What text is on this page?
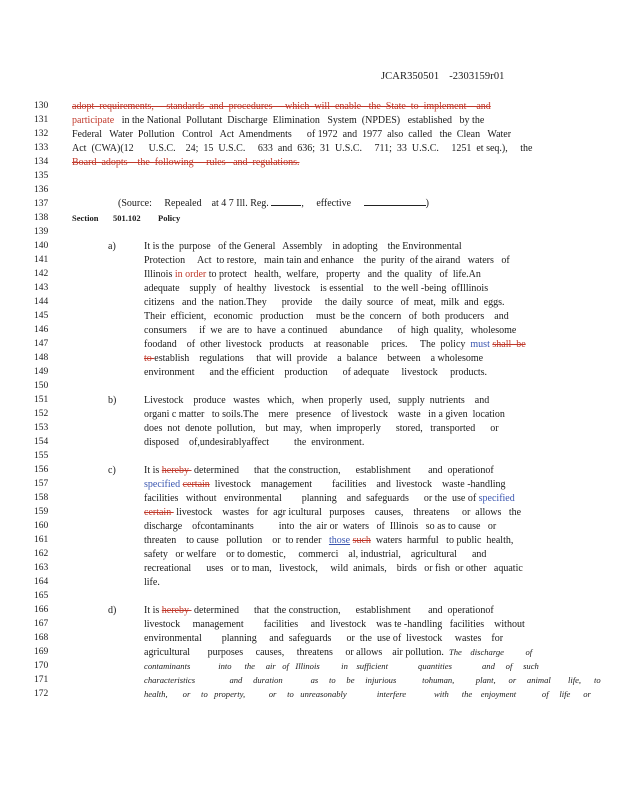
JCAR350501 -2303159r01
130
131
132
133
134
135
136
137
138
139
140
141
142
143
144
145
146
147
148
149
150
151
152
153
154
155
156
157
158
159
160
161
162
163
164
165
166
167
168
169
170
171
172
adopt  requirements,     standards  and  procedures     which  will  enable   the  State  to  implement    and
participate   in the National  Pollutant  Discharge  Elimination   System  (NPDES)   established   by the
Federal   Water  Pollution   Control   Act  Amendments      of 1972  and  1977  also  called   the  Clean   Water
Act  (CWA)(12      U.S.C.    24;  15  U.S.C.     633  and  636;  31  U.S.C.     711;  33  U.S.C.     1251  et seq.),     the
Board  adopts    the  following     rules   and  regulations.

(Source: Repealed at 4 7 Ill. Reg.	,     effective	)

Section 501.102 Policy
a)	It is the  purpose   of the General   Assembly    in adopting    the Environmental
Protection     Act  to restore,   main tain and enhance    the  purity  of the airand   waters   of
Illinois in order to protect   health,  welfare,   property   and  the  quality   of  life.An
adequate    supply   of  healthy   livestock    is essential    to  the well -being  ofIllinois
citizens   and  the  nation.They      provide     the  daily  source   of  meat,  milk  and  eggs.
Their  efficient,   economic   production     must  be the  concern   of  both  producers    and
consumers     if  we  are  to  have  a continued     abundance      of  high  quality,   wholesome
foodand    of  other  livestock   products    at  reasonable     prices.     The  policy  must shall  be
to establish    regulations     that  will  provide    a  balance    between    a wholesome
environment      and the efficient    production      of adequate     livestock     products.
b)	Livestock    produce   wastes   which,   when  properly   used,   supply  nutrients    and
organi c matter   to soils.The    mere   presence    of livestock    waste   in a given  location
does  not  denote  pollution,    but  may,   when  improperly      stored,   transported      or
disposed    of,undesirablyaffect          the  environment.
c)	It is hereby  determined      that  the construction,      establishment       and  operationof
specified certain  livestock    management        facilities    and  livestock    waste -handling
facilities   without   environmental        planning    and  safeguards      or the  use of specified
certain  livestock    wastes   for  agr icultural   purposes    causes,    threatens     or  allows   the
discharge    ofcontaminants          into  the  air or  waters   of  Illinois   so as to cause   or
threaten    to cause   pollution    or  to render   those such  waters  harmful   to public  health,
safety   or welfare    or to domestic,     commerci    al, industrial,    agricultural      and
recreational      uses   or to man,   livestock,     wild  animals,    birds   or fish  or other   aquatic
life.
d)	It is hereby  determined      that  the construction,      establishment       and  operationof
livestock     management        facilities     and  livestock    was te -handling   facilities    without
environmental        planning     and  safeguards      or  the  use of  livestock     wastes    for
agricultural       purposes     causes,     threatens     or allows    air pollution.  The    discharge          of
contaminants             into      the     air   of   Illinois          in    sufficient              quantities              and     of     such
characteristics                and     duration             as     to     be     injurious            tohuman,          plant,      or     animal        life,      to
health,       or     to   property,           or     to   unreasonably              interfere             with      the    enjoyment            of     life      or
